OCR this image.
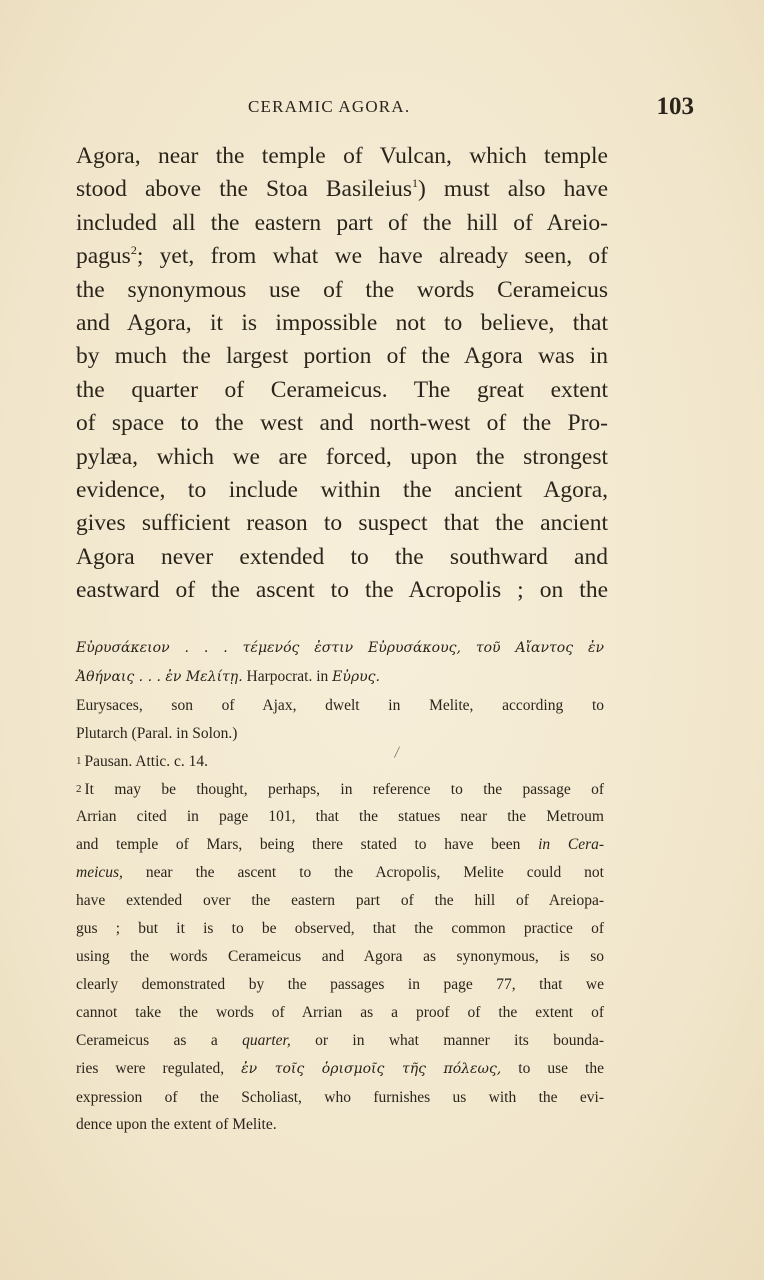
CERAMIC AGORA.	103
Agora, near the temple of Vulcan, which temple
stood above the Stoa Basileius$^1$) must also have
included all the eastern part of the hill of Areio-
pagus$^2$; yet, from what we have already seen, of
the synonymous use of the words Cerameicus
and Agora, it is impossible not to believe, that
by much the largest portion of the Agora was in
the quarter of Cerameicus. The great extent
of space to the west and north-west of the Pro-
pylæa, which we are forced, upon the strongest
evidence, to include within the ancient Agora,
gives sufficient reason to suspect that the ancient
Agora never extended to the southward and
eastward of the ascent to the Acropolis ; on the
Εὐρυσάκειον . . . τέμενός ἐστιν Εὐρυσάκους, τοῦ Αἴαντος ἐν
Ἀθήναις . . . ἐν Μελίτῃ. Harpocrat. in Εὐρυς.
Eurysaces, son of Ajax, dwelt in Melite, according to
Plutarch (Paral. in Solon.)
1 Pausan. Attic. c. 14.
2 It may be thought, perhaps, in reference to the passage of
Arrian cited in page 101, that the statues near the Metroum
and temple of Mars, being there stated to have been in Cera-
meicus, near the ascent to the Acropolis, Melite could not
have extended over the eastern part of the hill of Areiopa-
gus ; but it is to be observed, that the common practice of
using the words Cerameicus and Agora as synonymous, is so
clearly demonstrated by the passages in page 77, that we
cannot take the words of Arrian as a proof of the extent of
Cerameicus as a quarter, or in what manner its bounda-
ries were regulated, ἐν τοῖς ὁρισμοῖς τῆς πόλεως, to use the
expression of the Scholiast, who furnishes us with the evi-
dence upon the extent of Melite.
⁄
